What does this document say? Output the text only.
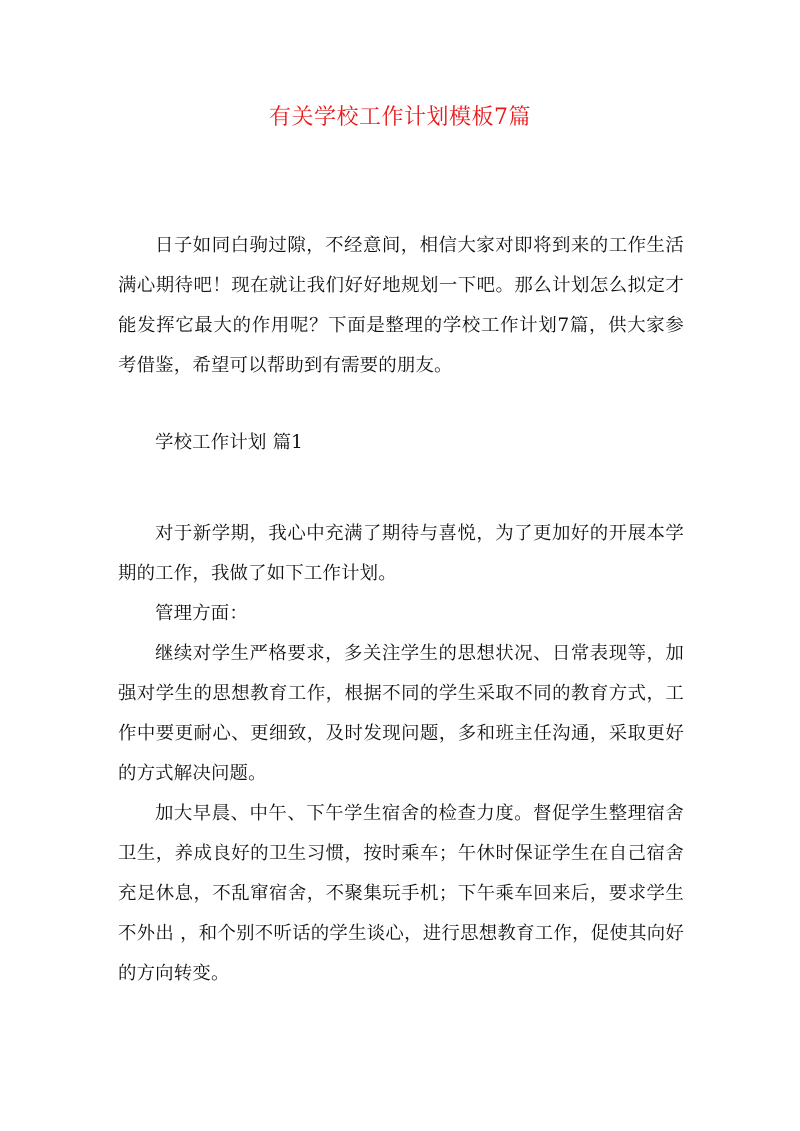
有关学校工作计划模板7篇

日子如同白驹过隙，不经意间，相信大家对即将到来的工作生活满心期待吧！现在就让我们好好地规划一下吧。那么计划怎么拟定才能发挥它最大的作用呢？下面是整理的学校工作计划7篇，供大家参考借鉴，希望可以帮助到有需要的朋友。

学校工作计划 篇1

对于新学期，我心中充满了期待与喜悦，为了更加好的开展本学期的工作，我做了如下工作计划。

管理方面：

继续对学生严格要求，多关注学生的思想状况、日常表现等，加强对学生的思想教育工作，根据不同的学生采取不同的教育方式，工作中要更耐心、更细致，及时发现问题，多和班主任沟通，采取更好的方式解决问题。

加大早晨、中午、下午学生宿舍的检查力度。督促学生整理宿舍卫生，养成良好的卫生习惯，按时乘车；午休时保证学生在自己宿舍充足休息，不乱窜宿舍，不聚集玩手机；下午乘车回来后，要求学生不外出 ，和个别不听话的学生谈心，进行思想教育工作，促使其向好的方向转变。
